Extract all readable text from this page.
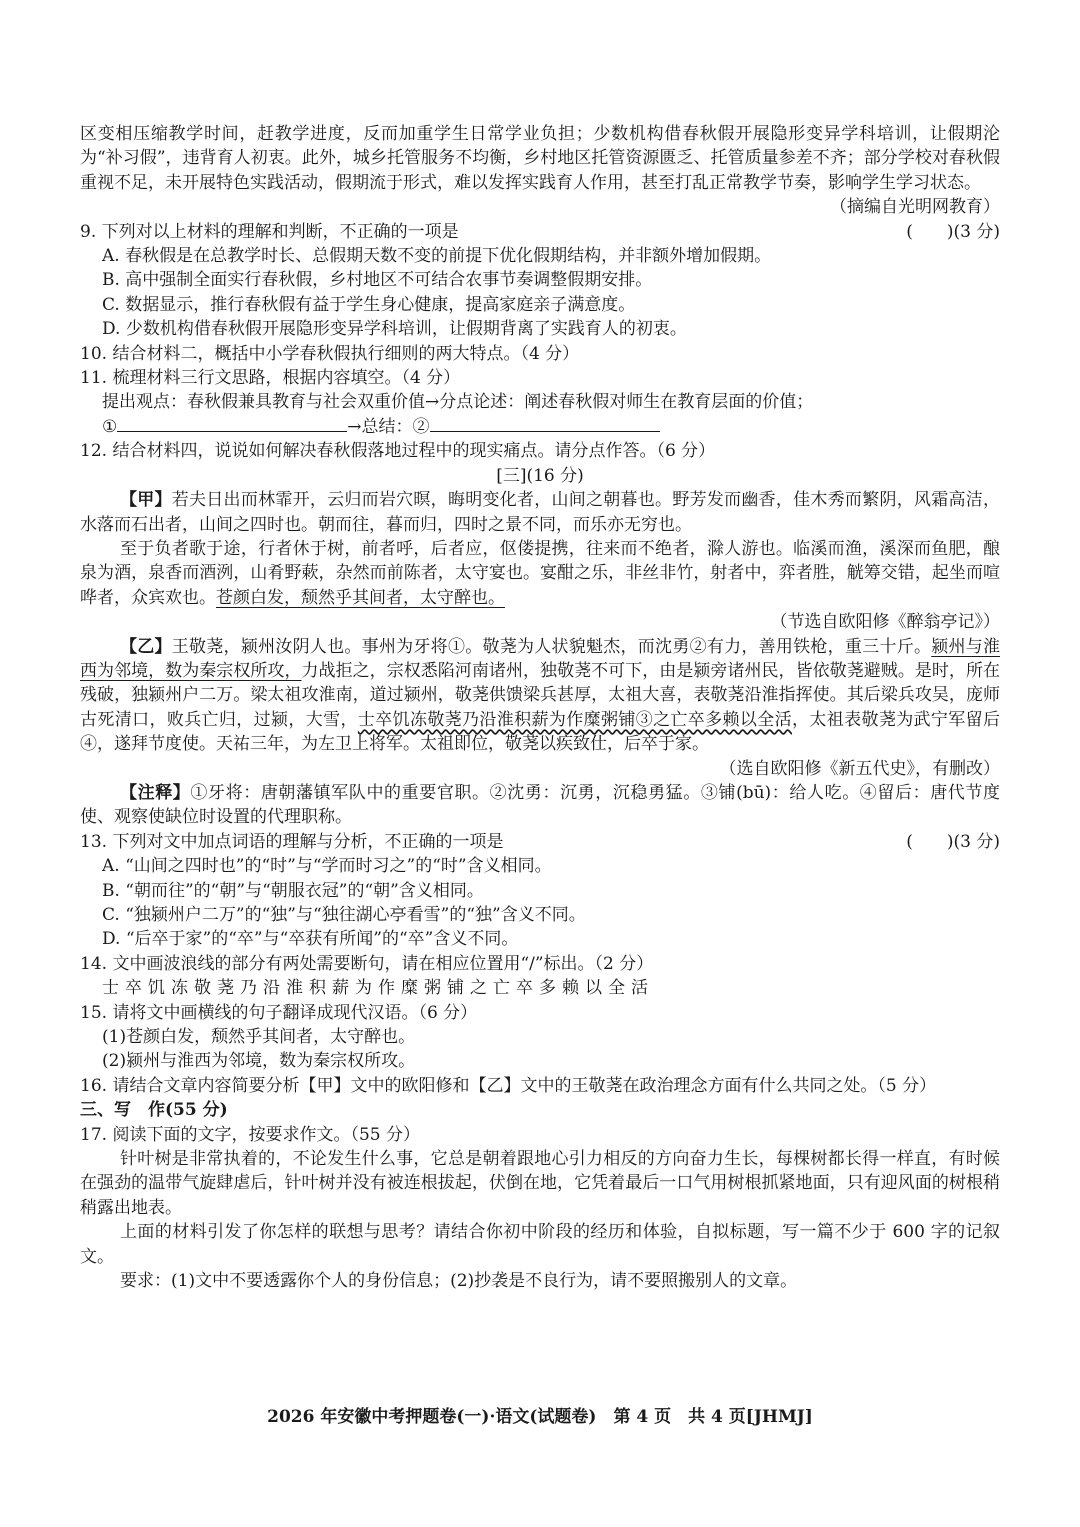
区变相压缩教学时间，赶教学进度，反而加重学生日常学业负担；少数机构借春秋假开展隐形变异学科培训，让假期沦为“补习假”，违背育人初衷。此外，城乡托管服务不均衡，乡村地区托管资源匮乏、托管质量参差不齐；部分学校对春秋假重视不足，未开展特色实践活动，假期流于形式，难以发挥实践育人作用，甚至打乱正常教学节奏，影响学生学习状态。

（摘编自光明网教育）

9. 下列对以上材料的理解和判断，不正确的一项是	(　　)(3 分)

A. 春秋假是在总教学时长、总假期天数不变的前提下优化假期结构，并非额外增加假期。

B. 高中强制全面实行春秋假，乡村地区不可结合农事节奏调整假期安排。

C. 数据显示，推行春秋假有益于学生身心健康，提高家庭亲子满意度。

D. 少数机构借春秋假开展隐形变异学科培训，让假期背离了实践育人的初衷。

10. 结合材料二，概括中小学春秋假执行细则的两大特点。（4 分）

11. 梳理材料三行文思路，根据内容填空。（4 分）

提出观点：春秋假兼具教育与社会双重价值→分点论述：阐述春秋假对师生在教育层面的价值；

①	→总结：②

12. 结合材料四，说说如何解决春秋假落地过程中的现实痛点。请分点作答。（6 分）

[三](16 分)

【甲】若夫日出而林霏开，云归而岩穴暝，晦明变化者，山间之朝暮也。野芳发而幽香，佳木秀而繁阴，风霜高洁，水落而石出者，山间之四时也。朝而往，暮而归，四时之景不同，而乐亦无穷也。

至于负者歌于途，行者休于树，前者呼，后者应，伛偻提携，往来而不绝者，滁人游也。临溪而渔，溪深而鱼肥，酿泉为酒，泉香而酒洌，山肴野蔌，杂然而前陈者，太守宴也。宴酣之乐，非丝非竹，射者中，弈者胜，觥筹交错，起坐而喧哗者，众宾欢也。苍颜白发，颓然乎其间者，太守醉也。

（节选自欧阳修《醉翁亭记》）

【乙】王敬荛，颍州汝阴人也。事州为牙将①。敬荛为人状貌魁杰，而沈勇②有力，善用铁枪，重三十斤。颍州与淮西为邻境，数为秦宗权所攻，力战拒之，宗权悉陷河南诸州，独敬荛不可下，由是颍旁诸州民，皆依敬荛避贼。是时，所在残破，独颍州户二万。梁太祖攻淮南，道过颍州，敬荛供馈梁兵甚厚，太祖大喜，表敬荛沿淮指挥使。其后梁兵攻吴，庞师古死清口，败兵亡归，过颍，大雪，士卒饥冻敬荛乃沿淮积薪为作糜粥铺③之亡卒多赖以全活，太祖表敬荛为武宁军留后④，遂拜节度使。天祐三年，为左卫上将军。太祖即位，敬荛以疾致仕，后卒于家。

（选自欧阳修《新五代史》，有删改）

【注释】①牙将：唐朝藩镇军队中的重要官职。②沈勇：沉勇，沉稳勇猛。③铺(bū)：给人吃。④留后：唐代节度使、观察使缺位时设置的代理职称。

13. 下列对文中加点词语的理解与分析，不正确的一项是	(　　)(3 分)

A. “山间之四时也”的“时”与“学而时习之”的“时”含义相同。

B. “朝而往”的“朝”与“朝服衣冠”的“朝”含义相同。

C. “独颍州户二万”的“独”与“独往湖心亭看雪”的“独”含义不同。

D. “后卒于家”的“卒”与“卒获有所闻”的“卒”含义不同。

14. 文中画波浪线的部分有两处需要断句，请在相应位置用“/”标出。（2 分）

士卒饥冻敬荛乃沿淮积薪为作糜粥铺之亡卒多赖以全活

15. 请将文中画横线的句子翻译成现代汉语。（6 分）

(1)苍颜白发，颓然乎其间者，太守醉也。

(2)颍州与淮西为邻境，数为秦宗权所攻。

16. 请结合文章内容简要分析【甲】文中的欧阳修和【乙】文中的王敬荛在政治理念方面有什么共同之处。（5 分）

三、写　作(55 分)

17. 阅读下面的文字，按要求作文。（55 分）

针叶树是非常执着的，不论发生什么事，它总是朝着跟地心引力相反的方向奋力生长，每棵树都长得一样直，有时候在强劲的温带气旋肆虐后，针叶树并没有被连根拔起，伏倒在地，它凭着最后一口气用树根抓紧地面，只有迎风面的树根稍稍露出地表。

上面的材料引发了你怎样的联想与思考？请结合你初中阶段的经历和体验，自拟标题，写一篇不少于 600 字的记叙文。

要求：(1)文中不要透露你个人的身份信息；(2)抄袭是不良行为，请不要照搬别人的文章。

2026 年安徽中考押题卷(一)·语文(试题卷)　第 4 页　共 4 页[JHMJ]
